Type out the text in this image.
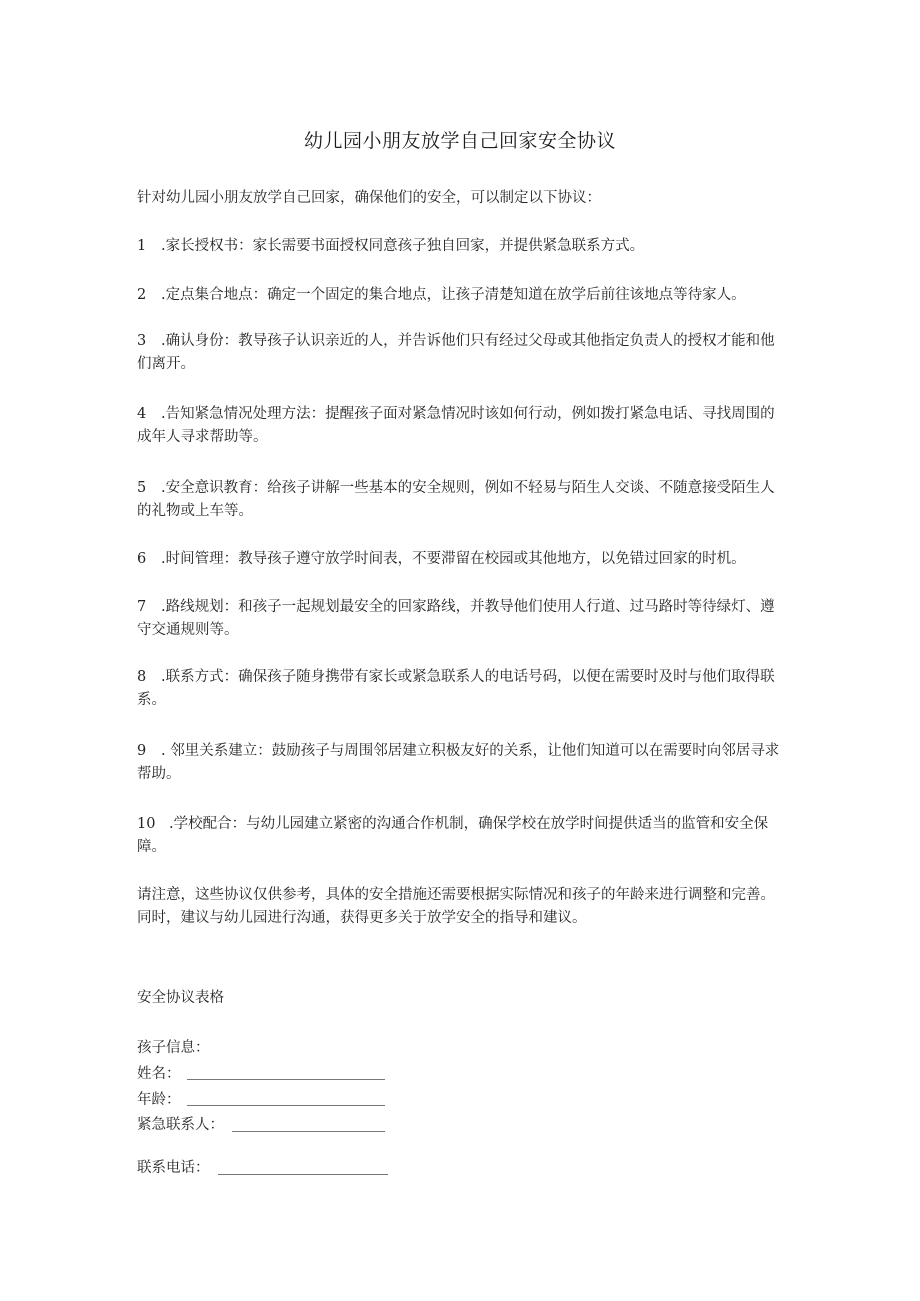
幼儿园小朋友放学自己回家安全协议
针对幼儿园小朋友放学自己回家，确保他们的安全，可以制定以下协议：
1 .家长授权书：家长需要书面授权同意孩子独自回家，并提供紧急联系方式。
2 .定点集合地点：确定一个固定的集合地点，让孩子清楚知道在放学后前往该地点等待家人。
3 .确认身份：教导孩子认识亲近的人，并告诉他们只有经过父母或其他指定负责人的授权才能和他们离开。
4 .告知紧急情况处理方法：提醒孩子面对紧急情况时该如何行动，例如拨打紧急电话、寻找周围的成年人寻求帮助等。
5 .安全意识教育：给孩子讲解一些基本的安全规则，例如不轻易与陌生人交谈、不随意接受陌生人的礼物或上车等。
6 .时间管理：教导孩子遵守放学时间表，不要滞留在校园或其他地方，以免错过回家的时机。
7 .路线规划：和孩子一起规划最安全的回家路线，并教导他们使用人行道、过马路时等待绿灯、遵守交通规则等。
8 .联系方式：确保孩子随身携带有家长或紧急联系人的电话号码，以便在需要时及时与他们取得联系。
9 . 邻里关系建立：鼓励孩子与周围邻居建立积极友好的关系，让他们知道可以在需要时向邻居寻求帮助。
10 .学校配合：与幼儿园建立紧密的沟通合作机制，确保学校在放学时间提供适当的监管和安全保障。
请注意，这些协议仅供参考，具体的安全措施还需要根据实际情况和孩子的年龄来进行调整和完善。同时，建议与幼儿园进行沟通，获得更多关于放学安全的指导和建议。
安全协议表格
孩子信息：
姓名：
年龄：
紧急联系人：
联系电话：
